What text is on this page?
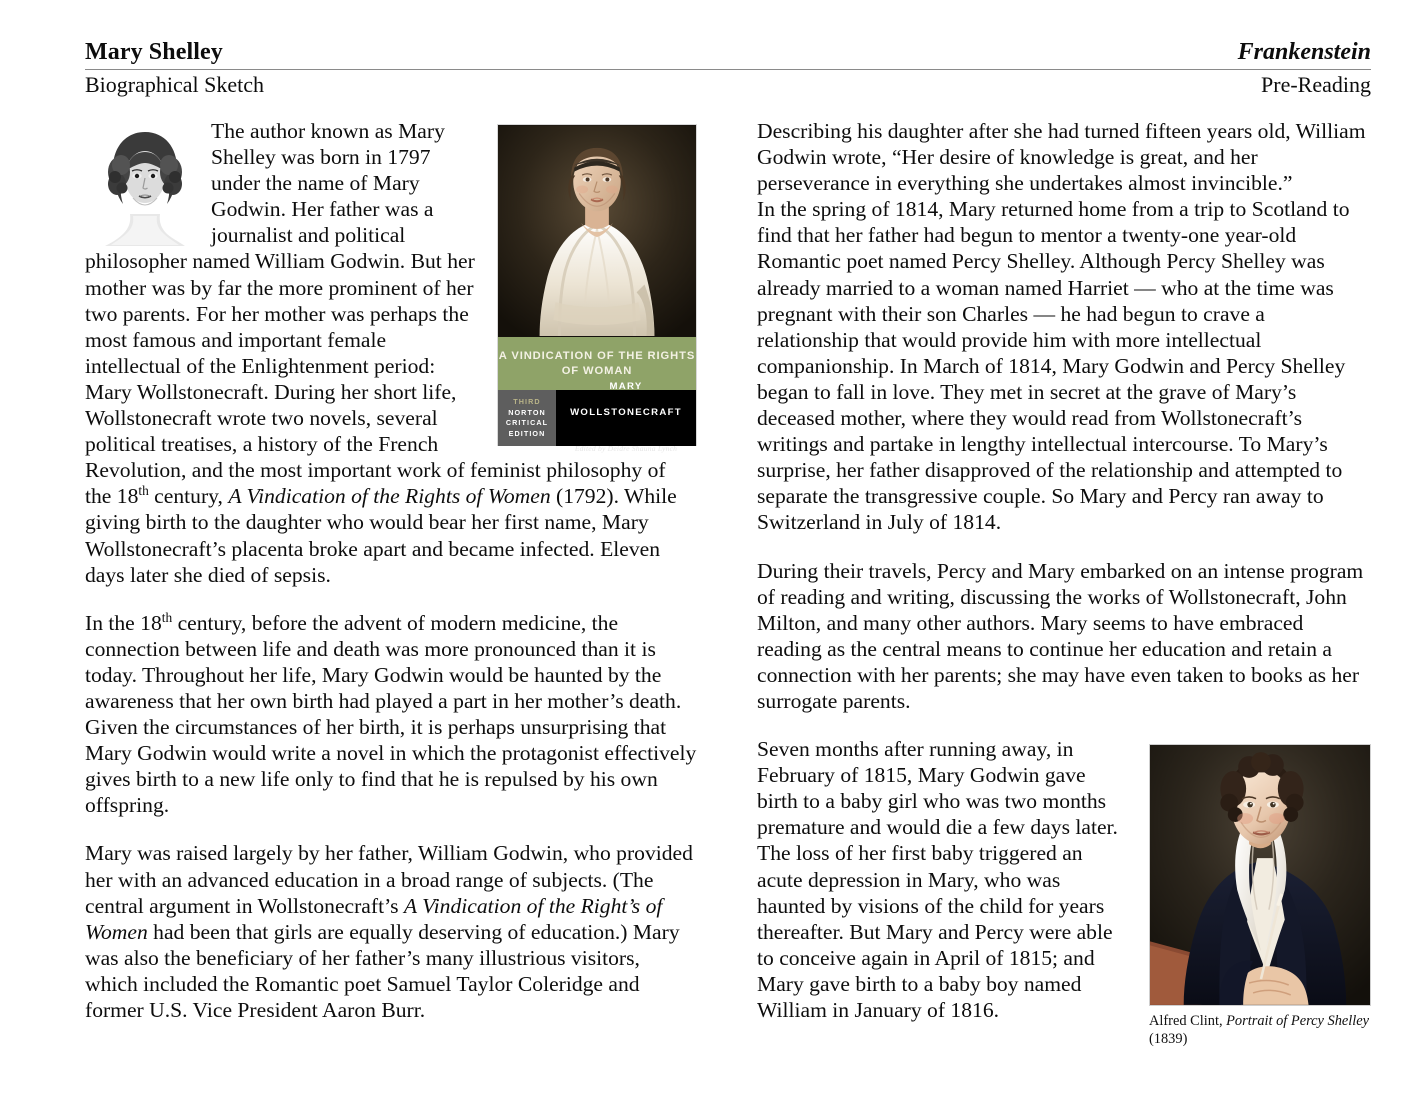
Mary Shelley	Frankenstein
Biographical Sketch	Pre-Reading
A VINDICATION OF THE RIGHTS OF WOMAN
THIRD
NORTON
CRITICAL
EDITION
MARY WOLLSTONECRAFT
Edited by Deidre Shauna Lynch

The author known as Mary Shelley was born in 1797 under the name of Mary Godwin. Her father was a journalist and political philosopher named William Godwin. But her mother was by far the more prominent of her two parents. For her mother was perhaps the most famous and important female intellectual of the Enlightenment period: Mary Wollstonecraft. During her short life, Wollstonecraft wrote two novels, several political treatises, a history of the French Revolution, and the most important work of feminist philosophy of the 18th century, A Vindication of the Rights of Women (1792). While giving birth to the daughter who would bear her first name, Mary Wollstonecraft’s placenta broke apart and became infected. Eleven days later she died of sepsis.

In the 18th century, before the advent of modern medicine, the connection between life and death was more pronounced than it is today. Throughout her life, Mary Godwin would be haunted by the awareness that her own birth had played a part in her mother’s death. Given the circumstances of her birth, it is perhaps unsurprising that Mary Godwin would write a novel in which the protagonist effectively gives birth to a new life only to find that he is repulsed by his own offspring.

Mary was raised largely by her father, William Godwin, who provided her with an advanced education in a broad range of subjects. (The central argument in Wollstonecraft’s A Vindication of the Right’s of Women had been that girls are equally deserving of education.) Mary was also the beneficiary of her father’s many illustrious visitors, which included the Romantic poet Samuel Taylor Coleridge and former U.S. Vice President Aaron Burr.

Describing his daughter after she had turned fifteen years old, William Godwin wrote, “Her desire of knowledge is great, and her perseverance in everything she undertakes almost invincible.”

In the spring of 1814, Mary returned home from a trip to Scotland to find that her father had begun to mentor a twenty-one year-old Romantic poet named Percy Shelley. Although Percy Shelley was already married to a woman named Harriet — who at the time was pregnant with their son Charles — he had begun to crave a relationship that would provide him with more intellectual companionship. In March of 1814, Mary Godwin and Percy Shelley began to fall in love. They met in secret at the grave of Mary’s deceased mother, where they would read from Wollstonecraft’s writings and partake in lengthy intellectual intercourse. To Mary’s surprise, her father disapproved of the relationship and attempted to separate the transgressive couple. So Mary and Percy ran away to Switzerland in July of 1814.

During their travels, Percy and Mary embarked on an intense program of reading and writing, discussing the works of Wollstonecraft, John Milton, and many other authors. Mary seems to have embraced reading as the central means to continue her education and retain a connection with her parents; she may have even taken to books as her surrogate parents.

Alfred Clint, Portrait of Percy Shelley (1839)

Seven months after running away, in February of 1815, Mary Godwin gave birth to a baby girl who was two months premature and would die a few days later. The loss of her first baby triggered an acute depression in Mary, who was haunted by visions of the child for years thereafter. But Mary and Percy were able to conceive again in April of 1815; and Mary gave birth to a baby boy named William in January of 1816.
